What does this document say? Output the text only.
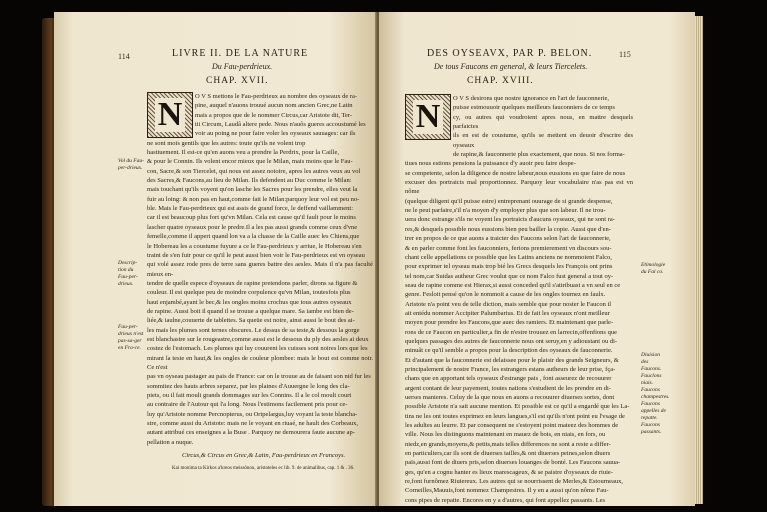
114	LIVRE II. DE LA NATURE
Du Fau-perdrieux.
CHAP. XVII.
N	O V S mettons le Fau-perdrieux au nombre des oyseaux de ra-

pine, auquel n'auons trouué aucun nom ancien Grec,ne Latin

mais a propos que de le nommer Circus,car Aristote dit, Ter-

tii Circum, Laudâ altere pede. Nous n'auôs gueres accoustumé les

voir au poing ne pour faire voler les oyseaux sauuages: car ils

ne sont mois gentils que les autres: toute qu'ils ne volent trop

hastiuement. Il est-ce qu'en auons veu a prendre la Perdrix, pour la Caille,

& pour le Connin. Ils volent encor mieux que le Milan, mais moins que le Fau-

con, Sacre,& son Tiercelet, qui nous est assez notoire, apres les autres veux au vol

des Sacres,& Faucons,au lieu de Milan. Ils defendent au Duc comme le Milan:

mais touchant qu'ils voyent qu'on lasche les Sacres pour les prendre, elles veut la

fuir au loing: & non pas en haut,comme fait le Milan:parquoy leur vol est peu no-

ble. Mais le Fau-perdrieux qui est assis de grand force, le deffend vaillamment:

car il est beaucoup plus fort qu'vn Milan. Cela est cause qu'il fault pour le moins

lascher quatre oyseaux pour le predre.Il a les pas aussi grands comme ceux d'vne

femelle,comme il appert quand lon va a la chasse de la Caille auec les Chiens,que

le Hobereau les a coustume fuyure a ce le Fau-perdrieux y arriue, le Hobereau s'en

traint de s'en fuir pour ce qu'il le peut aussi bien voir le Fau-perdrieux est vn oyseau

qui volé assez rode pres de terre sans gueres battre des aesles. Mais il n'a pas faculté mieux en-

tendre de quelle espece d'oyseaux de rapine pretendons parler, dirons sa figure &

couleur. Il est quelque peu de moindre corpulence qu'vn Milan, toutesfois plus

haut enjambé,ayant le bec,& les ongles moins crochus que tous autres oyseaux

de rapine. Aussi boit il quand il se trouue a quelque mare. Sa iambe est bien de-

liée,& iaulne,couuerte de tablettes. Sa queüe est noire, ainsi aussi le bout des ai-

les mais les plumes sont ternes obscures. Le dessus de sa teste,& dessous la gorge

est blanchastre sur le rougeastre,comme aussi est le dessous du ply des aesles ai deux

costez de l'estomach. Les plumes qui luy couurent les cuisses sont noires lors que les

mirant la teste en haut,& les ongles de couleur plombee: mais le bout est comme noir. Ce n'est

pas vn oyseau pastager au pais de France: car on le trouue au de faisant son nid fur les

sommitez des hauts arbres separez, par les plaines d'Auuergne le long des cla-

piets, ou il fait moult grands dommages sur les Connins. Il a le col moult court

au contraire de l'Autour qui l'a long. Nous l'estimons facilement pris pour ce-

luy qu'Aristote nomme Percnopterus, ou Oripelargus,luy voyant la teste blancha-

stre, comme aussi du Aristote: mais ne le voyant en riuaé, ne hault des Corbeaux,

autant attribué ces enseignes a la Buse . Parquoy ne demourera faute aucune ap-

pellation a nuque.

Vol du Fau-per-drieux.
Descrip-tion du Fau-per-drieux.
Fau-per-drieux n'est pas-sa-ger en Fra-ce.
Circus,& Circus en Grec,& Latin, Fau-perdrieux en Francoys.
Kai monima ta Kirkos a'kreos meissônou, aristoteles ec lib. 9. de animalibus, cap. 1 & . 36.
115
DES OYSEAVX, PAR P. BELON.
De tous Faucons en general, & leurs Tiercelets.
CHAP. XVIII.
N	O V S desirons que nostre ignorance en l'art de fauconnerie,

puisse estmouuoir quelques meilleurs fauconniers de ce temps

cy, ou autres qui voudroient apres nous, en mattre desquels parfaictes

ils en est de coustume, qu'ils se mettent en deuoir d'escrire des oyseaux

de rapine,& fauconnerie plus exactement, que nous. Si nos forma-

tiues nous estions pensions la puissance d'y auoir peu faire despe-

se competente, selon la diligence de nostre labeur,nous eussions eu que faire de nous

excuser des portraicts mal proportionnez. Parquoy leur vocabulaire n'as pas est vn nôme

(quelque diligent qu'il puisse estre) entreprenant ouurage de si grande despense,

ne le peut parfaire,s'il n'a moyen d'y employer plus que son labeur. Il ne trou-

uera donc estrange s'ils ne voyent les portraicts d'aucuns oyseaux, qui ne sont ra-

res,& desquels possible nous eussions bien peu bailler la copie. Aussi que d'en-

trer en propos de ce que auons a traicter des Faucons selon l'art de fauconnerie,

& en parler comme font les fauconniers, ferions premierement vn discours sou-

chant celle appellations ce possible que les Latins anciens ne nommoient Falco,

pour exprimer tel oyseau mais trop bié les Grecs desquels les François ont prins

tel nom,car Suidas autheur Grec voulut que ce nom Falco fust general a tout oy-

seau de rapine comme est Hierax,si aussi conceded qu'il s'attribuast a vn seul en ce

genre. Fesloit pensé qu'on le nommoit a cause de les ongles tournez en faulx.

Aristote n'a point veu de telle diction, mais semble que pour noster le Faucon il

ait entédu nommer Accipiter Palumbarius. Et de fait les oyseaux n'ont meilleur

moyen pour prendre les Faucons,que auec des ramiers. Et maintenant que parle-

rons de ce Faucon en particulier,a fin de n'estre trouuez en larrecin,offenfions que

quelques passages des autres de fauconnerie nous ont seruy,en y adioustant ou di-

minuât ce qu'il semble a propos pour la description des oyseaux de fauconnerie.

Et d'autant que la fauconnerie est delaissee pour le plaisir des grands Seigneurs, &

principalement de nostre France, les estrangers estans autheurs de leur prise, fça-

chans que en apportant tels oyseaux d'estrange pais , font asseurez de recouurer

argent contant de leur payement, toutes nations s'estudient de les prendre en di-

uerses manieres. Celuy de la que nous en auons a recouurer diuerses sortes, dont

possible Aristote n'a sait aucune mention. Et possible est ce qu'il a engardé que les La-

tins ne les ont toutes exprimez en leurs langues,s'il est qu'ils n'ont point eu l'vsage de

les adultes au leurre. Et par consequent ne s'estoyent point mateez des hommes de

ville. Nous les distinguons maintenant en mauez de bois, en niais, en fors, ou

niedz,en grands,moyens,& petits,mais telles differences ne sont a reste a differ-

en particuliers,car ils sont de diuerses tailles,& ont diuerses peines,selon diuers

païs,aussi font de diuers pris,selon diuerses louanges de bonté. Les Faucons sauua-

ges, qu'en a cognu hanter es lieux marescageux, & se paistre d'oyseaux de riuie-

re,font furnômez Riuiereux. Les autres qui se nourrissent de Merles,& Estourneaux,

Corneilles,Mauuis,font nommez Champestres. Il y en a aussi qu'on nôme Fau-

cons pipes de repatte. Encores en y a d'autres, qui font appellez passants. Les

Etimologie du Fal co.
Diuision des Faucons. Fauclons niais. Faucons champestres. Faucons appelles de repatte. Faucons passants.
